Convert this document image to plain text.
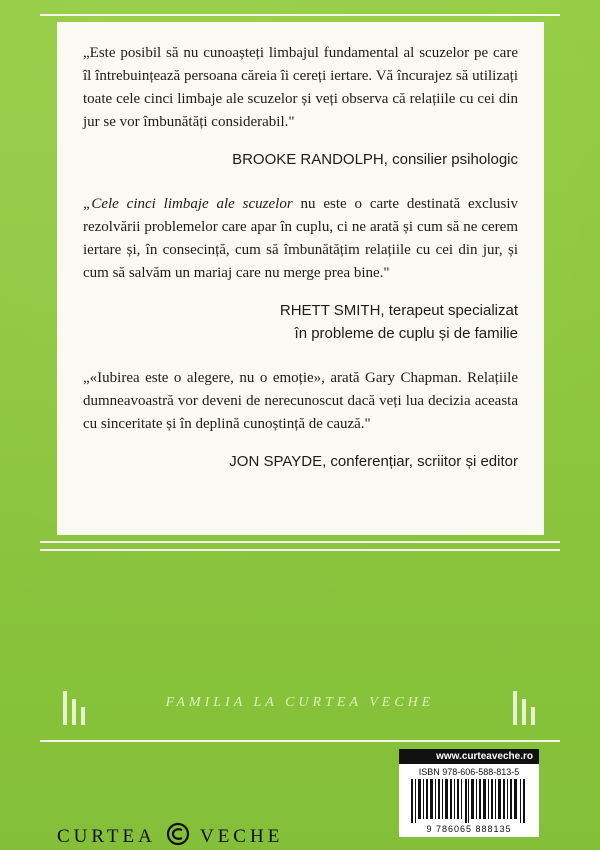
„Este posibil să nu cunoașteți limbajul fundamental al scuzelor pe care îl întrebuințează persoana căreia îi cereți iertare. Vă încurajez să utilizați toate cele cinci limbaje ale scuzelor și veți observa că relațiile cu cei din jur se vor îmbunătăți considerabil."

BROOKE RANDOLPH, consilier psihologic

„Cele cinci limbaje ale scuzelor nu este o carte destinată exclusiv rezolvării problemelor care apar în cuplu, ci ne arată și cum să ne cerem iertare și, în consecință, cum să îmbunătățim relațiile cu cei din jur, și cum să salvăm un mariaj care nu merge prea bine."

RHETT SMITH, terapeut specializat

în probleme de cuplu și de familie

„«Iubirea este o alegere, nu o emoție», arată Gary Chapman. Relațiile dumneavoastră vor deveni de nerecunoscut dacă veți lua decizia aceasta cu sinceritate și în deplină cunoștință de cauză."

JON SPAYDE, conferențiar, scriitor și editor

FAMILIA LA CURTEA VECHE
www.curteaveche.ro
ISBN 978-606-588-813-5
9 786065 888135
CURTEA VECHE
